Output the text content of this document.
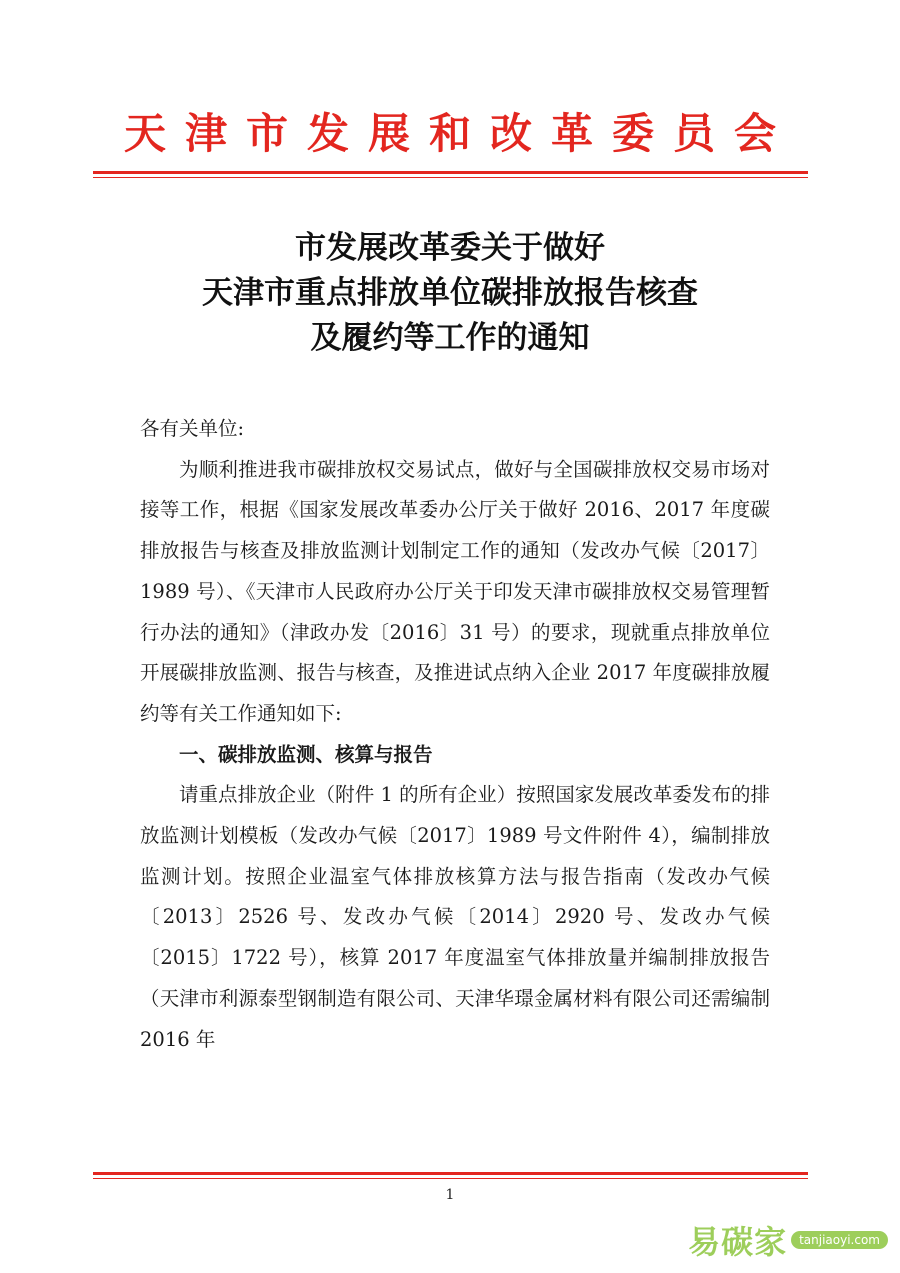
天津市发展和改革委员会
市发展改革委关于做好
天津市重点排放单位碳排放报告核查
及履约等工作的通知

各有关单位:

为顺利推进我市碳排放权交易试点，做好与全国碳排放权交易市场对接等工作，根据《国家发展改革委办公厅关于做好 2016、2017 年度碳排放报告与核查及排放监测计划制定工作的通知（发改办气候〔2017〕1989 号）、《天津市人民政府办公厅关于印发天津市碳排放权交易管理暂行办法的通知》（津政办发〔2016〕31 号）的要求，现就重点排放单位开展碳排放监测、报告与核查，及推进试点纳入企业 2017 年度碳排放履约等有关工作通知如下:

一、碳排放监测、核算与报告

请重点排放企业（附件 1 的所有企业）按照国家发展改革委发布的排放监测计划模板（发改办气候〔2017〕1989 号文件附件 4），编制排放监测计划。按照企业温室气体排放核算方法与报告指南（发改办气候〔2013〕2526 号、发改办气候〔2014〕2920 号、发改办气候〔2015〕1722 号），核算 2017 年度温室气体排放量并编制排放报告（天津市利源泰型钢制造有限公司、天津华璟金属材料有限公司还需编制 2016 年

1
易碳家	tanjiaoyi.com
